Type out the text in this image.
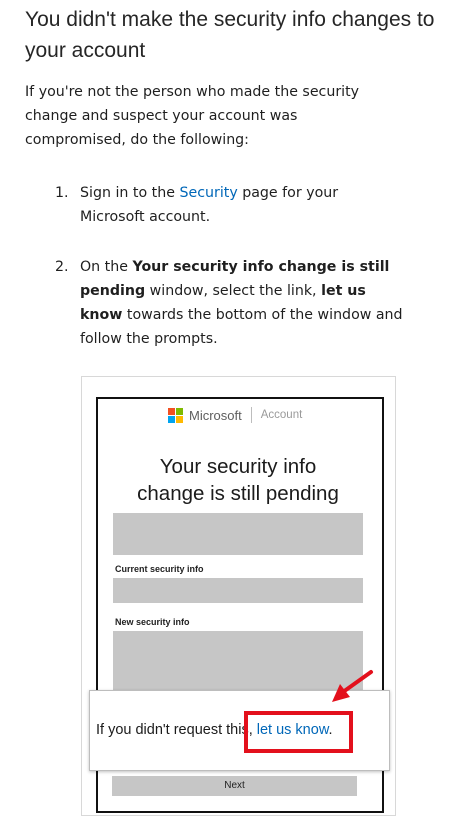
You didn't make the security info changes to your account

If you're not the person who made the security change and suspect your account was compromised, do the following:

1. Sign in to the Security page for your Microsoft account.
2. On the Your security info change is still pending window, select the link, let us know towards the bottom of the window and follow the prompts.
Microsoft Account
Your security info
change is still pending
Current security info
New security info
If you didn't request this, let us know.
Next
